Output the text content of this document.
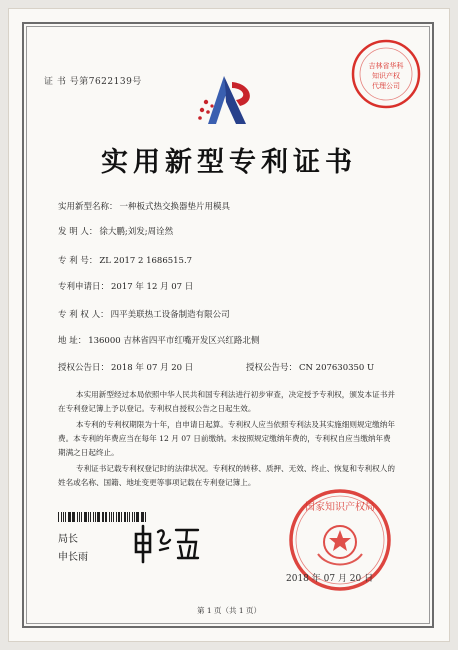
吉林省华科
知识产权
代理公司
证 书 号第7622139号
实用新型专利证书
实用新型名称： 一种板式热交换器垫片用模具
发 明 人： 徐大鹏;刘发;周诠然
专 利 号： ZL 2017 2 1686515.7
专利申请日： 2017 年 12 月 07 日
专 利 权 人： 四平美联热工设备制造有限公司
地 址： 136000 吉林省四平市红嘴开发区兴红路北侧
授权公告日： 2018 年 07 月 20 日	授权公告号： CN 207630350 U
本实用新型经过本局依照中华人民共和国专利法进行初步审查，决定授予专利权，颁发本证书并在专利登记簿上予以登记。专利权自授权公告之日起生效。
本专利的专利权期限为十年，自申请日起算。专利权人应当依照专利法及其实施细则规定缴纳年费。本专利的年费应当在每年 12 月 07 日前缴纳。未按照规定缴纳年费的，专利权自应当缴纳年费期满之日起终止。
专利证书记载专利权登记时的法律状况。专利权的转移、质押、无效、终止、恢复和专利权人的姓名或名称、国籍、地址变更等事项记载在专利登记簿上。
局长
申长雨
国家知识产权局
2018 年 07 月 20 日
第 1 页（共 1 页）
